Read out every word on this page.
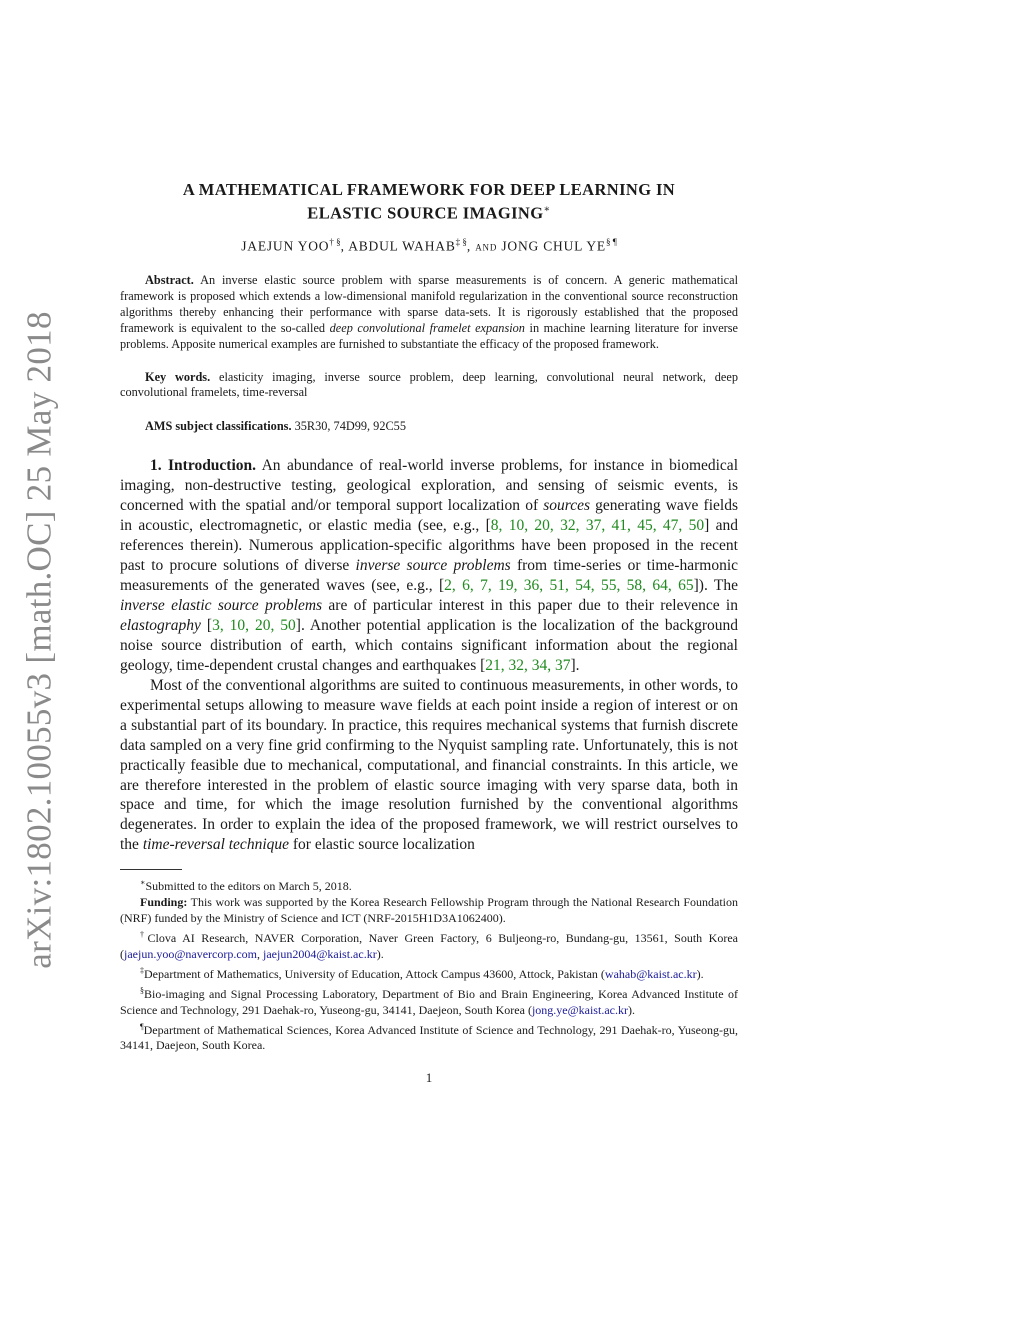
arXiv:1802.10055v3 [math.OC] 25 May 2018
A MATHEMATICAL FRAMEWORK FOR DEEP LEARNING IN
ELASTIC SOURCE IMAGING∗
JAEJUN YOO† §, ABDUL WAHAB‡ §, and JONG CHUL YE§ ¶

Abstract. An inverse elastic source problem with sparse measurements is of concern. A generic mathematical framework is proposed which extends a low-dimensional manifold regularization in the conventional source reconstruction algorithms thereby enhancing their performance with sparse data-sets. It is rigorously established that the proposed framework is equivalent to the so-called deep convolutional framelet expansion in machine learning literature for inverse problems. Apposite numerical examples are furnished to substantiate the efficacy of the proposed framework.

Key words. elasticity imaging, inverse source problem, deep learning, convolutional neural network, deep convolutional framelets, time-reversal

AMS subject classifications. 35R30, 74D99, 92C55

1. Introduction. An abundance of real-world inverse problems, for instance in biomedical imaging, non-destructive testing, geological exploration, and sensing of seismic events, is concerned with the spatial and/or temporal support localization of sources generating wave fields in acoustic, electromagnetic, or elastic media (see, e.g., [8, 10, 20, 32, 37, 41, 45, 47, 50] and references therein). Numerous application-specific algorithms have been proposed in the recent past to procure solutions of diverse inverse source problems from time-series or time-harmonic measurements of the generated waves (see, e.g., [2, 6, 7, 19, 36, 51, 54, 55, 58, 64, 65]). The inverse elastic source problems are of particular interest in this paper due to their relevence in elastography [3, 10, 20, 50]. Another potential application is the localization of the background noise source distribution of earth, which contains significant information about the regional geology, time-dependent crustal changes and earthquakes [21, 32, 34, 37].

Most of the conventional algorithms are suited to continuous measurements, in other words, to experimental setups allowing to measure wave fields at each point inside a region of interest or on a substantial part of its boundary. In practice, this requires mechanical systems that furnish discrete data sampled on a very fine grid confirming to the Nyquist sampling rate. Unfortunately, this is not practically feasible due to mechanical, computational, and financial constraints. In this article, we are therefore interested in the problem of elastic source imaging with very sparse data, both in space and time, for which the image resolution furnished by the conventional algorithms degenerates. In order to explain the idea of the proposed framework, we will restrict ourselves to the time-reversal technique for elastic source localization

∗Submitted to the editors on March 5, 2018.

Funding: This work was supported by the Korea Research Fellowship Program through the National Research Foundation (NRF) funded by the Ministry of Science and ICT (NRF-2015H1D3A1062400).

†Clova AI Research, NAVER Corporation, Naver Green Factory, 6 Buljeong-ro, Bundang-gu, 13561, South Korea (jaejun.yoo@navercorp.com, jaejun2004@kaist.ac.kr).

‡Department of Mathematics, University of Education, Attock Campus 43600, Attock, Pakistan (wahab@kaist.ac.kr).

§Bio-imaging and Signal Processing Laboratory, Department of Bio and Brain Engineering, Korea Advanced Institute of Science and Technology, 291 Daehak-ro, Yuseong-gu, 34141, Daejeon, South Korea (jong.ye@kaist.ac.kr).

¶Department of Mathematical Sciences, Korea Advanced Institute of Science and Technology, 291 Daehak-ro, Yuseong-gu, 34141, Daejeon, South Korea.

1
